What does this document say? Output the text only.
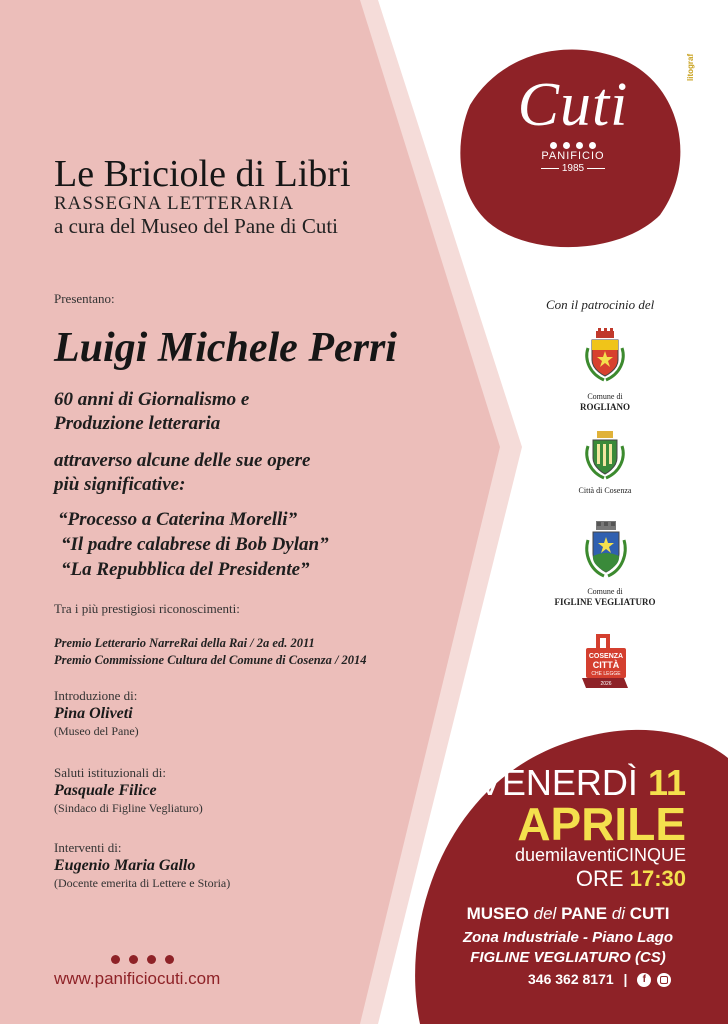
Le Briciole di Libri
RASSEGNA LETTERARIA
a cura del Museo del Pane di Cuti
Presentano:
Luigi Michele Perri
60 anni di Giornalismo e
Produzione letteraria
attraverso alcune delle sue opere
più significative:
“Processo a Caterina Morelli”
“Il padre calabrese di Bob Dylan”
“La Repubblica del Presidente”
Tra i più prestigiosi riconoscimenti:
Premio Letterario NarreRai della Rai / 2a ed. 2011
Premio Commissione Cultura del Comune di Cosenza / 2014
Introduzione di:
Pina Oliveti
(Museo del Pane)
Saluti istituzionali di:
Pasquale Filice
(Sindaco di Figline Vegliaturo)
Interventi di:
Eugenio Maria Gallo
(Docente emerita di Lettere e Storia)
www.panificiocuti.com
litograf
Cuti
PANIFICIO
1985
Con il patrocinio del
Comune di
ROGLIANO
Città di Cosenza
Comune di
FIGLINE VEGLIATURO
COSENZA
CITTÀ
CHE LEGGE
2026
VENERDÌ 11
APRILE
duemilaventiCINQUE
ORE 17:30
MUSEO del PANE di CUTI
Zona Industriale - Piano Lago
FIGLINE VEGLIATURO (CS)
346 362 8171 | f
